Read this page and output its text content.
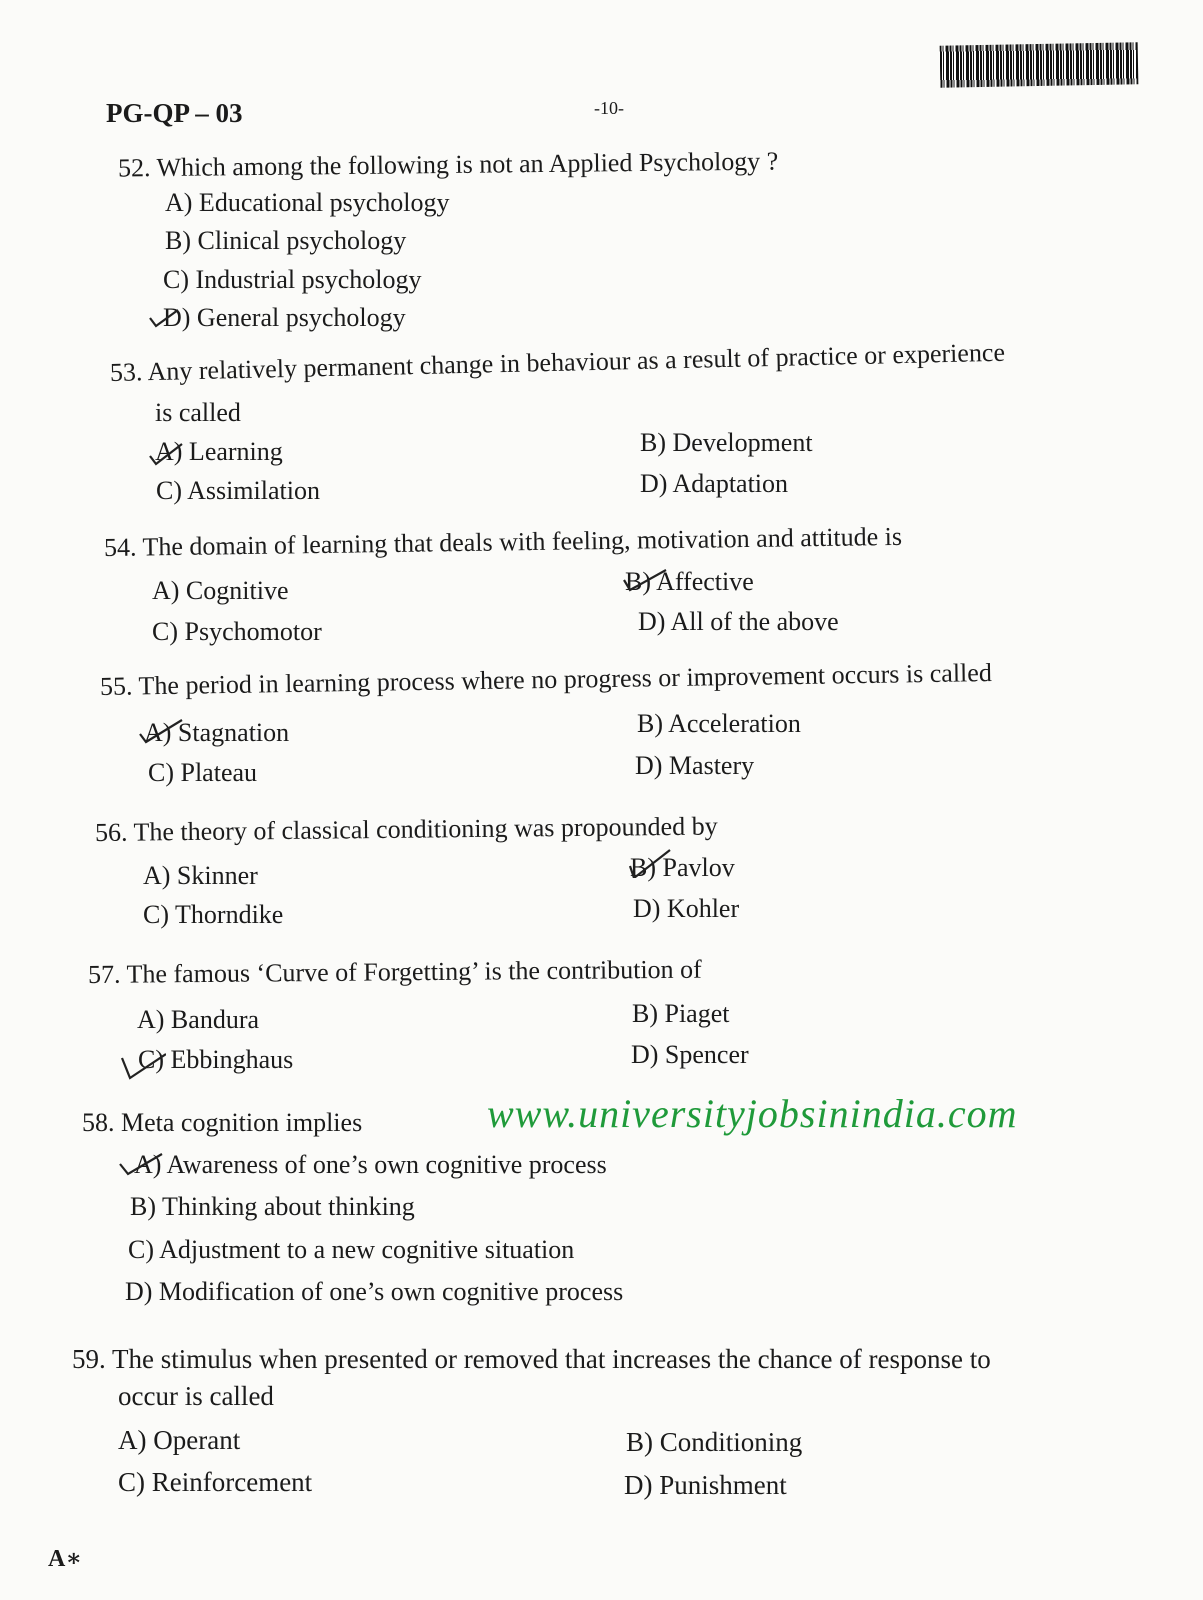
PG-QP – 03	-10-
52. Which among the following is not an Applied Psychology ?
A) Educational psychology
B) Clinical psychology
C) Industrial psychology
D) General psychology
53. Any relatively permanent change in behaviour as a result of practice or experience
is called
A) Learning	B) Development
C) Assimilation	D) Adaptation
54. The domain of learning that deals with feeling, motivation and attitude is
A) Cognitive	B) Affective
C) Psychomotor	D) All of the above
55. The period in learning process where no progress or improvement occurs is called
A) Stagnation	B) Acceleration
C) Plateau	D) Mastery
56. The theory of classical conditioning was propounded by
A) Skinner	B) Pavlov
C) Thorndike	D) Kohler
57. The famous ‘Curve of Forgetting’ is the contribution of
A) Bandura	B) Piaget
C) Ebbinghaus	D) Spencer
58. Meta cognition implies
A) Awareness of one’s own cognitive process
B) Thinking about thinking
C) Adjustment to a new cognitive situation
D) Modification of one’s own cognitive process
www.universityjobsinindia.com
59. The stimulus when presented or removed that increases the chance of response to
occur is called
A) Operant	B) Conditioning
C) Reinforcement	D) Punishment
A∗
